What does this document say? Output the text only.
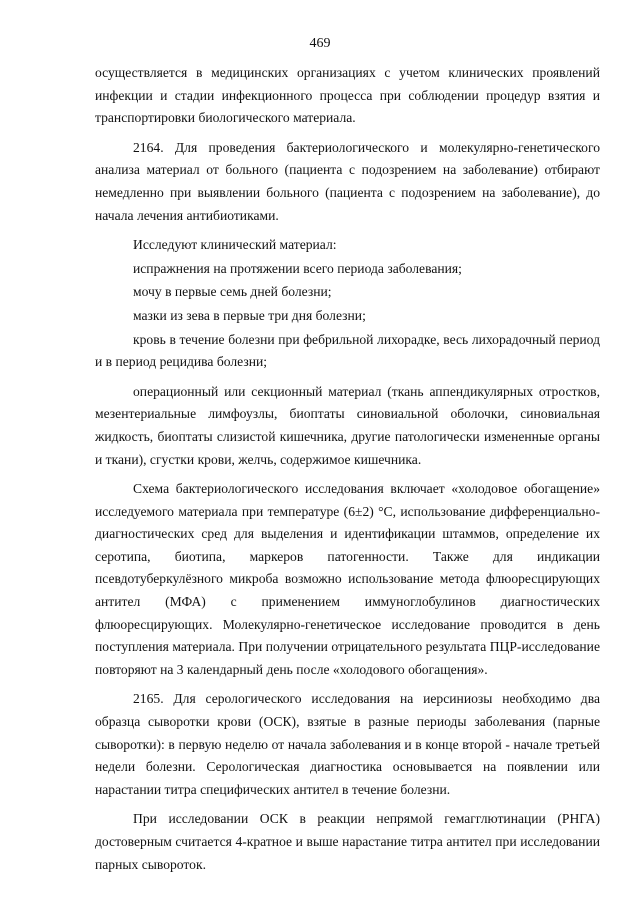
469

осуществляется в медицинских организациях с учетом клинических проявлений инфекции и стадии инфекционного процесса при соблюдении процедур взятия и транспортировки биологического материала.

2164. Для проведения бактериологического и молекулярно-генетического анализа материал от больного (пациента с подозрением на заболевание) отбирают немедленно при выявлении больного (пациента с подозрением на заболевание), до начала лечения антибиотиками.

Исследуют клинический материал:

испражнения на протяжении всего периода заболевания;

мочу в первые семь дней болезни;

мазки из зева в первые три дня болезни;

кровь в течение болезни при фебрильной лихорадке, весь лихорадочный период и в период рецидива болезни;

операционный или секционный материал (ткань аппендикулярных отростков, мезентериальные лимфоузлы, биоптаты синовиальной оболочки, синовиальная жидкость, биоптаты слизистой кишечника, другие патологически измененные органы и ткани), сгустки крови, желчь, содержимое кишечника.

Схема бактериологического исследования включает «холодовое обогащение» исследуемого материала при температуре (6±2) °С, использование дифференциально-диагностических сред для выделения и идентификации штаммов, определение их серотипа, биотипа, маркеров патогенности. Также для индикации псевдотуберкулёзного микроба возможно использование метода флюоресцирующих антител (МФА) с применением иммуноглобулинов диагностических флюоресцирующих. Молекулярно-генетическое исследование проводится в день поступления материала. При получении отрицательного результата ПЦР-исследование повторяют на 3 календарный день после «холодового обогащения».

2165. Для серологического исследования на иерсиниозы необходимо два образца сыворотки крови (ОСК), взятые в разные периоды заболевания (парные сыворотки): в первую неделю от начала заболевания и в конце второй - начале третьей недели болезни. Серологическая диагностика основывается на появлении или нарастании титра специфических антител в течение болезни.

При исследовании ОСК в реакции непрямой гемагглютинации (РНГА) достоверным считается 4-кратное и выше нарастание титра антител при исследовании парных сывороток.
